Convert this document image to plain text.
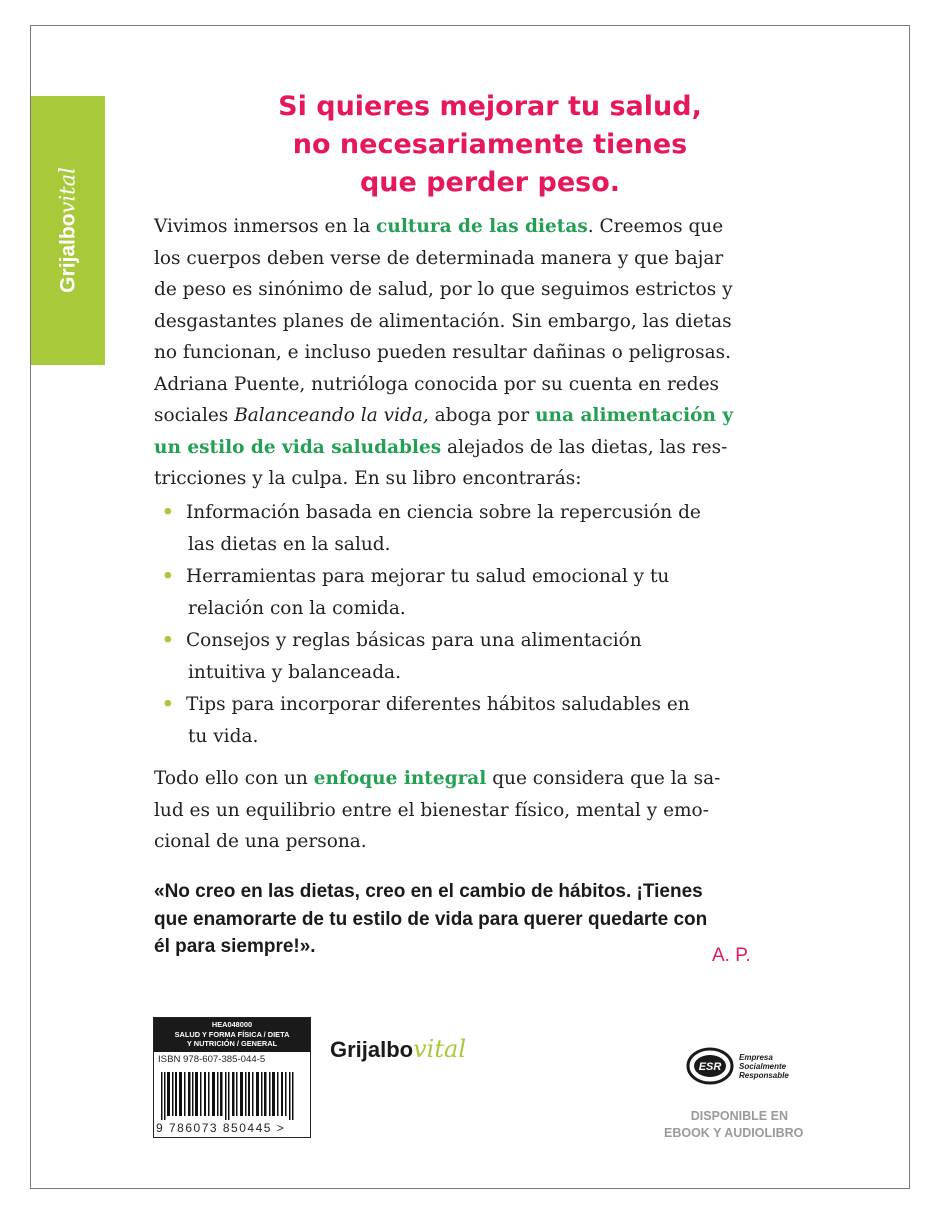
Grijalbovital
Si quieres mejorar tu salud,
no necesariamente tienes
que perder peso.
Vivimos inmersos en la cultura de las dietas. Creemos que
los cuerpos deben verse de determinada manera y que bajar
de peso es sinónimo de salud, por lo que seguimos estrictos y
desgastantes planes de alimentación. Sin embargo, las dietas
no funcionan, e incluso pueden resultar dañinas o peligrosas.
Adriana Puente, nutrióloga conocida por su cuenta en redes
sociales Balanceando la vida, aboga por una alimentación y
un estilo de vida saludables alejados de las dietas, las res-
tricciones y la culpa. En su libro encontrarás:
• Información basada en ciencia sobre la repercusión de
las dietas en la salud.
• Herramientas para mejorar tu salud emocional y tu
relación con la comida.
• Consejos y reglas básicas para una alimentación
intuitiva y balanceada.
• Tips para incorporar diferentes hábitos saludables en
tu vida.
Todo ello con un enfoque integral que considera que la sa-
lud es un equilibrio entre el bienestar físico, mental y emo-
cional de una persona.
«No creo en las dietas, creo en el cambio de hábitos. ¡Tienes
que enamorarte de tu estilo de vida para querer quedarte con
él para siempre!».	A. P.
HEA048000
SALUD Y FORMA FÍSICA / DIETA
Y NUTRICIÓN / GENERAL
ISBN 978-607-385-044-5
9 786073 850445 >
Grijalbovital
ESR
Empresa
Socialmente
Responsable
DISPONIBLE EN
EBOOK Y AUDIOLIBRO
